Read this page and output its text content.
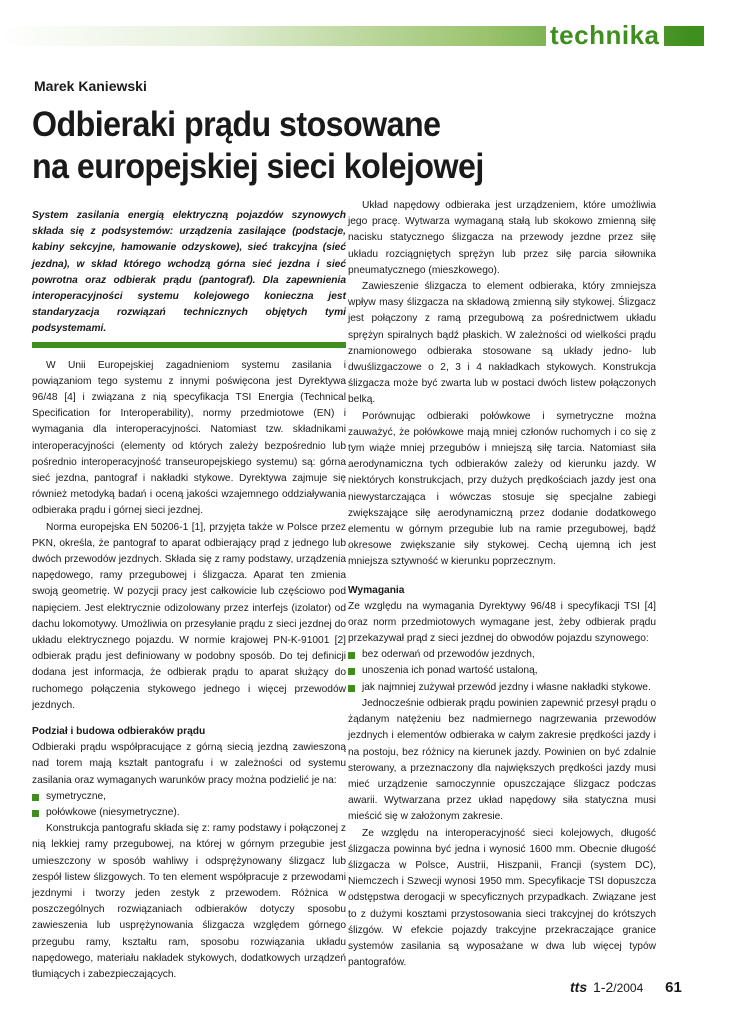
technika
Marek Kaniewski
Odbieraki prądu stosowane
na europejskiej sieci kolejowej

System zasilania energią elektryczną pojazdów szynowych składa się z podsystemów: urządzenia zasilające (podstacje, kabiny sekcyjne, hamowanie odzyskowe), sieć trakcyjna (sieć jezdna), w skład którego wchodzą górna sieć jezdna i sieć powrotna oraz odbierak prądu (pantograf). Dla zapewnienia interoperacyjności systemu kolejowego konieczna jest standaryzacja rozwiązań technicznych objętych tymi podsystemami.

W Unii Europejskiej zagadnieniom systemu zasilania i powiązaniom tego systemu z innymi poświęcona jest Dyrektywa 96/48 [4] i związana z nią specyfikacja TSI Energia (Technical Specification for Interoperability), normy przedmiotowe (EN) i wymagania dla interoperacyjności. Natomiast tzw. składnikami interoperacyjności (elementy od których zależy bezpośrednio lub pośrednio interoperacyjność transeuropejskiego systemu) są: górna sieć jezdna, pantograf i nakładki stykowe. Dyrektywa zajmuje się również metodyką badań i oceną jakości wzajemnego oddziaływania odbieraka prądu i górnej sieci jezdnej.

Norma europejska EN 50206-1 [1], przyjęta także w Polsce przez PKN, określa, że pantograf to aparat odbierający prąd z jednego lub dwóch przewodów jezdnych. Składa się z ramy podstawy, urządzenia napędowego, ramy przegubowej i ślizgacza. Aparat ten zmienia swoją geometrię. W pozycji pracy jest całkowicie lub częściowo pod napięciem. Jest elektrycznie odizolowany przez interfejs (izolator) od dachu lokomotywy. Umożliwia on przesyłanie prądu z sieci jezdnej do układu elektrycznego pojazdu. W normie krajowej PN-K-91001 [2] odbierak prądu jest definiowany w podobny sposób. Do tej definicji dodana jest informacja, że odbierak prądu to aparat służący do ruchomego połączenia stykowego jednego i więcej przewodów jezdnych.

Podział i budowa odbieraków prądu

Odbieraki prądu współpracujące z górną siecią jezdną zawieszoną nad torem mają kształt pantografu i w zależności od systemu zasilania oraz wymaganych warunków pracy można podzielić je na:

symetryczne,
połówkowe (niesymetryczne).

Konstrukcja pantografu składa się z: ramy podstawy i połączonej z nią lekkiej ramy przegubowej, na której w górnym przegubie jest umieszczony w sposób wahliwy i odsprężynowany ślizgacz lub zespół listew ślizgowych. To ten element współpracuje z przewodami jezdnymi i tworzy jeden zestyk z przewodem. Różnica w poszczególnych rozwiązaniach odbieraków dotyczy sposobu zawieszenia lub usprężynowania ślizgacza względem górnego przegubu ramy, kształtu ram, sposobu rozwiązania układu napędowego, materiału nakładek stykowych, dodatkowych urządzeń tłumiących i zabezpieczających.

Układ napędowy odbieraka jest urządzeniem, które umożliwia jego pracę. Wytwarza wymaganą stałą lub skokowo zmienną siłę nacisku statycznego ślizgacza na przewody jezdne przez siłę układu rozciągniętych sprężyn lub przez siłę parcia siłownika pneumatycznego (mieszkowego).

Zawieszenie ślizgacza to element odbieraka, który zmniejsza wpływ masy ślizgacza na składową zmienną siły stykowej. Ślizgacz jest połączony z ramą przegubową za pośrednictwem układu sprężyn spiralnych bądź płaskich. W zależności od wielkości prądu znamionowego odbieraka stosowane są układy jedno- lub dwuślizgaczowe o 2, 3 i 4 nakładkach stykowych. Konstrukcja ślizgacza może być zwarta lub w postaci dwóch listew połączonych belką.

Porównując odbieraki połówkowe i symetryczne można zauważyć, że połówkowe mają mniej członów ruchomych i co się z tym wiąże mniej przegubów i mniejszą siłę tarcia. Natomiast siła aerodynamiczna tych odbieraków zależy od kierunku jazdy. W niektórych konstrukcjach, przy dużych prędkościach jazdy jest ona niewystarczająca i wówczas stosuje się specjalne zabiegi zwiększające siłę aerodynamiczną przez dodanie dodatkowego elementu w górnym przegubie lub na ramie przegubowej, bądź okresowe zwiększanie siły stykowej. Cechą ujemną ich jest mniejsza sztywność w kierunku poprzecznym.

Wymagania

Ze względu na wymagania Dyrektywy 96/48 i specyfikacji TSI [4] oraz norm przedmiotowych wymagane jest, żeby odbierak prądu przekazywał prąd z sieci jezdnej do obwodów pojazdu szynowego:

bez oderwań od przewodów jezdnych,
unoszenia ich ponad wartość ustaloną,
jak najmniej zużywał przewód jezdny i własne nakładki stykowe.

Jednocześnie odbierak prądu powinien zapewnić przesył prądu o żądanym natężeniu bez nadmiernego nagrzewania przewodów jezdnych i elementów odbieraka w całym zakresie prędkości jazdy i na postoju, bez różnicy na kierunek jazdy. Powinien on być zdalnie sterowany, a przeznaczony dla największych prędkości jazdy musi mieć urządzenie samoczynnie opuszczające ślizgacz podczas awarii. Wytwarzana przez układ napędowy siła statyczna musi mieścić się w założonym zakresie.

Ze względu na interoperacyjność sieci kolejowych, długość ślizgacza powinna być jedna i wynosić 1600 mm. Obecnie długość ślizgacza w Polsce, Austrii, Hiszpanii, Francji (system DC), Niemczech i Szwecji wynosi 1950 mm. Specyfikacje TSI dopuszcza odstępstwa derogacji w specyficznych przypadkach. Związane jest to z dużymi kosztami przystosowania sieci trakcyjnej do krótszych ślizgów. W efekcie pojazdy trakcyjne przekraczające granice systemów zasilania są wyposażane w dwa lub więcej typów pantografów.

tts 1-2/2004 61
